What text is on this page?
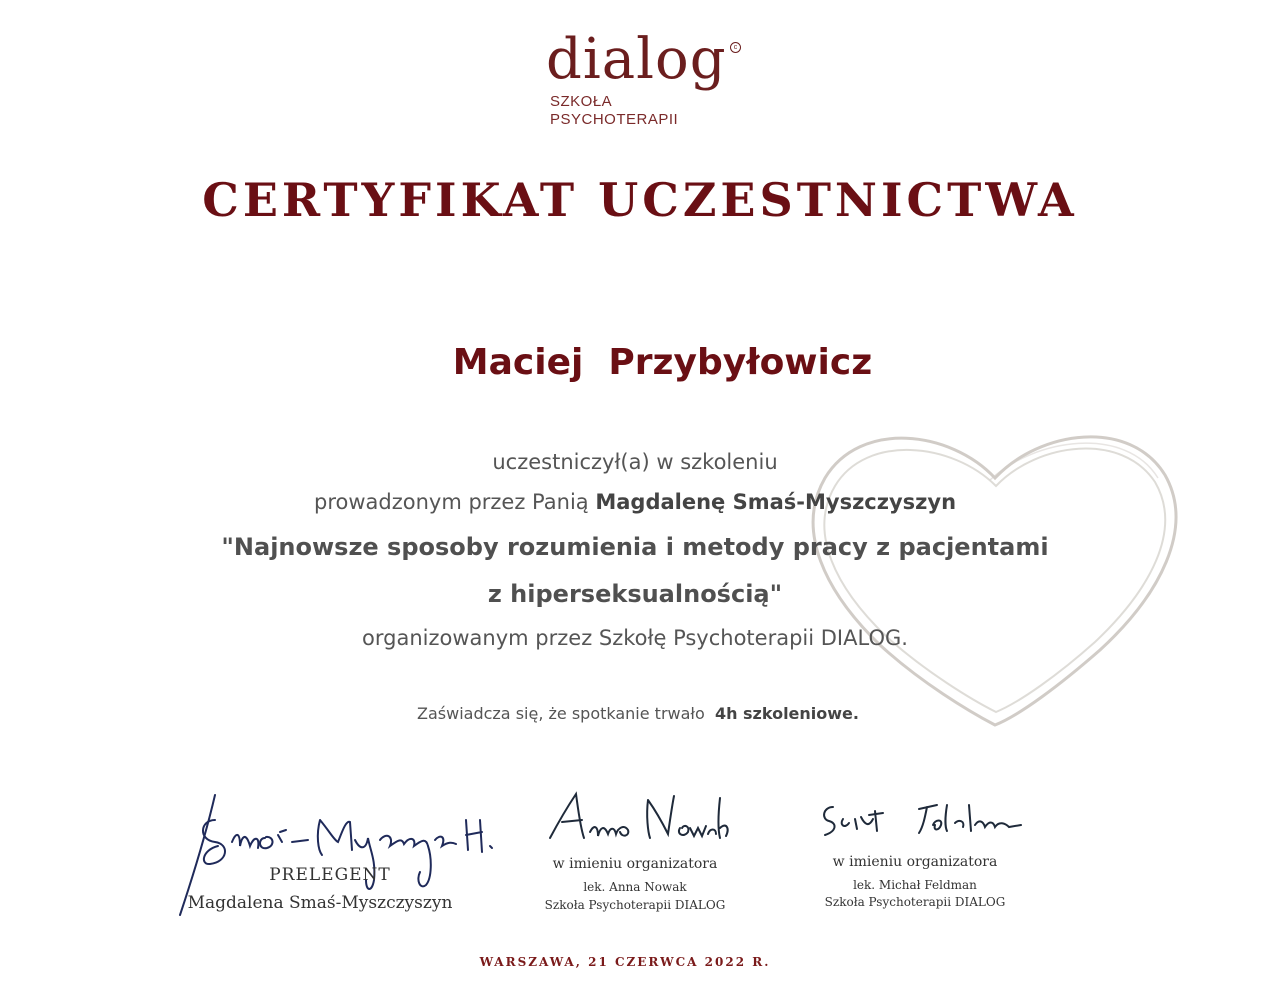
dialog	c
SZKOŁA
PSYCHOTERAPII
CERTYFIKAT UCZESTNICTWA
Maciej  Przybyłowicz
uczestniczył(a) w szkoleniu
prowadzonym przez Panią Magdalenę Smaś-Myszczyszyn
"Najnowsze sposoby rozumienia i metody pracy z pacjentami
z hiperseksualnością"
organizowanym przez Szkołę Psychoterapii DIALOG.
Zaświadcza się, że spotkanie trwało 4h szkoleniowe.
PRELEGENT
Magdalena Smaś-Myszczyszyn
w imieniu organizatora
lek. Anna Nowak
Szkoła Psychoterapii DIALOG
w imieniu organizatora
lek. Michał Feldman
Szkoła Psychoterapii DIALOG
WARSZAWA, 21 CZERWCA 2022 R.
